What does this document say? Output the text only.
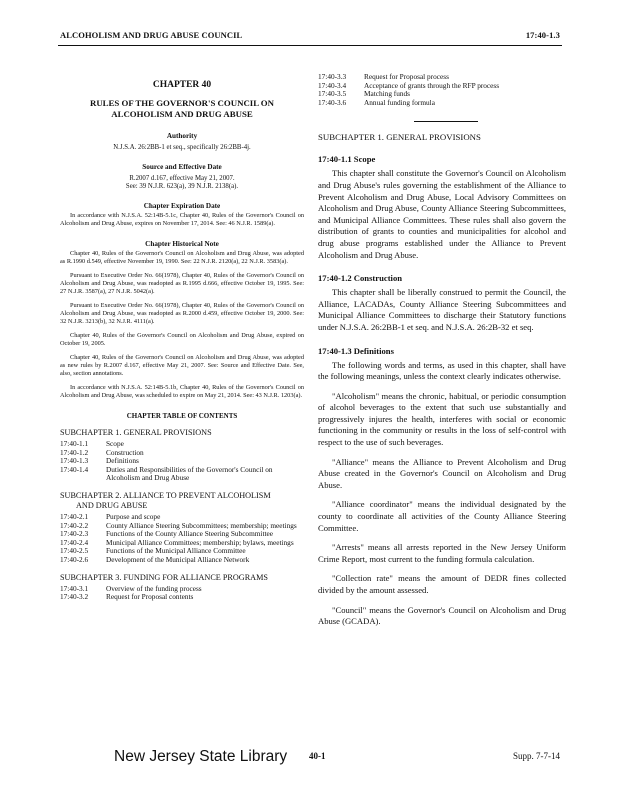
ALCOHOLISM AND DRUG ABUSE COUNCIL	17:40-1.3
CHAPTER 40
RULES OF THE GOVERNOR'S COUNCIL ON ALCOHOLISM AND DRUG ABUSE
Authority
N.J.S.A. 26:2BB-1 et seq., specifically 26:2BB-4j.
Source and Effective Date
R.2007 d.167, effective May 21, 2007.
See: 39 N.J.R. 623(a), 39 N.J.R. 2138(a).
Chapter Expiration Date

In accordance with N.J.S.A. 52:14B-5.1c, Chapter 40, Rules of the Governor's Council on Alcoholism and Drug Abuse, expires on November 17, 2014. See: 46 N.J.R. 1589(a).

Chapter Historical Note

Chapter 40, Rules of the Governor's Council on Alcoholism and Drug Abuse, was adopted as R.1990 d.549, effective November 19, 1990. See: 22 N.J.R. 2120(a), 22 N.J.R. 3583(a).

Pursuant to Executive Order No. 66(1978), Chapter 40, Rules of the Governor's Council on Alcoholism and Drug Abuse, was readopted as R.1995 d.666, effective October 19, 1995. See: 27 N.J.R. 3587(a), 27 N.J.R. 5042(a).

Pursuant to Executive Order No. 66(1978), Chapter 40, Rules of the Governor's Council on Alcoholism and Drug Abuse, was readopted as R.2000 d.459, effective October 19, 2000. See: 32 N.J.R. 3213(b), 32 N.J.R. 4111(a).

Chapter 40, Rules of the Governor's Council on Alcoholism and Drug Abuse, expired on October 19, 2005.

Chapter 40, Rules of the Governor's Council on Alcoholism and Drug Abuse, was adopted as new rules by R.2007 d.167, effective May 21, 2007. See: Source and Effective Date. See, also, section annotations.

In accordance with N.J.S.A. 52:14B-5.1b, Chapter 40, Rules of the Governor's Council on Alcoholism and Drug Abuse, was scheduled to expire on May 21, 2014. See: 43 N.J.R. 1203(a).

CHAPTER TABLE OF CONTENTS
SUBCHAPTER 1. GENERAL PROVISIONS
17:40-1.1	Scope
17:40-1.2	Construction
17:40-1.3	Definitions
17:40-1.4	Duties and Responsibilities of the Governor's Council on Alcoholism and Drug Abuse
SUBCHAPTER 2. ALLIANCE TO PREVENT ALCOHOLISM
AND DRUG ABUSE
17:40-2.1	Purpose and scope
17:40-2.2	County Alliance Steering Subcommittees; membership; meetings
17:40-2.3	Functions of the County Alliance Steering Subcommittee
17:40-2.4	Municipal Alliance Committees; membership; bylaws, meetings
17:40-2.5	Functions of the Municipal Alliance Committee
17:40-2.6	Development of the Municipal Alliance Network
SUBCHAPTER 3. FUNDING FOR ALLIANCE PROGRAMS
17:40-3.1	Overview of the funding process
17:40-3.2	Request for Proposal contents
17:40-3.3	Request for Proposal process
17:40-3.4	Acceptance of grants through the RFP process
17:40-3.5	Matching funds
17:40-3.6	Annual funding formula
SUBCHAPTER 1. GENERAL PROVISIONS
17:40-1.1 Scope

This chapter shall constitute the Governor's Council on Alcoholism and Drug Abuse's rules governing the establishment of the Alliance to Prevent Alcoholism and Drug Abuse, Local Advisory Committees on Alcoholism and Drug Abuse, County Alliance Steering Subcommittees, and Municipal Alliance Committees. These rules shall also govern the distribution of grants to counties and municipalities for alcohol and drug abuse programs established under the Alliance to Prevent Alcoholism and Drug Abuse.

17:40-1.2 Construction

This chapter shall be liberally construed to permit the Council, the Alliance, LACADAs, County Alliance Steering Subcommittees and Municipal Alliance Committees to discharge their Statutory functions under N.J.S.A. 26:2BB-1 et seq. and N.J.S.A. 26:2B-32 et seq.

17:40-1.3 Definitions

The following words and terms, as used in this chapter, shall have the following meanings, unless the context clearly indicates otherwise.

"Alcoholism" means the chronic, habitual, or periodic consumption of alcohol beverages to the extent that such use substantially and progressively injures the health, interferes with social or economic functioning in the community or results in the loss of self-control with respect to the use of such beverages.

"Alliance" means the Alliance to Prevent Alcoholism and Drug Abuse created in the Governor's Council on Alcoholism and Drug Abuse.

"Alliance coordinator" means the individual designated by the county to coordinate all activities of the County Alliance Steering Committee.

"Arrests" means all arrests reported in the New Jersey Uniform Crime Report, most current to the funding formula calculation.

"Collection rate" means the amount of DEDR fines collected divided by the amount assessed.

"Council" means the Governor's Council on Alcoholism and Drug Abuse (GCADA).

New Jersey State Library 40-1	Supp. 7-7-14
